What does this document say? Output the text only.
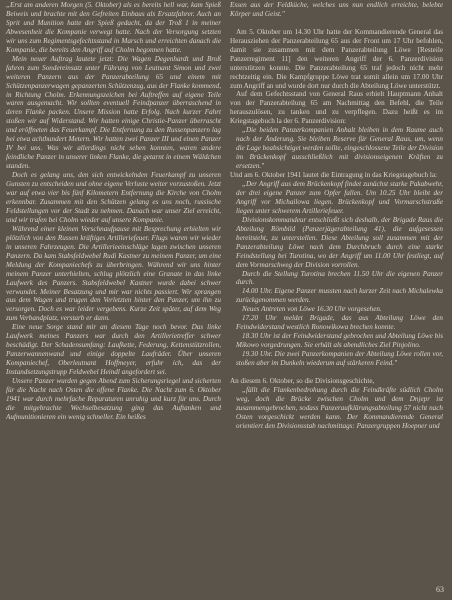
„Erst am anderen Morgen (5. Oktober) als es bereits hell war, kam Spieß Beiweis und brachte mit den Gefreiten Einbaus als Ersatzfahrer. Auch an Sprit und Munition hatte der Spieß gedacht, da der Troß 1 in meiner Abwesenheit die Kompanie verwegt hatte. Nach der Versorgung setzten wir uns zum Regimentsgefechtsstand in Marsch und erreichten danach die Kompanie, die bereits den Angriff auf Cholm begonnen hatte.

Mein neuer Auftrag lautete jetzt: Die Wagen Degenhardt und Broß fahren zum Sondereinsatz unter Führung von Leutnant Simon und zwei weiteren Panzern aus der Panzerabteilung 65 und einem mit Schützenpanzerwagen gepanzerten Schützenzug, aus der Flanke kommend, in Richtung Cholm. Erkennungszeichen bei Auftreffen auf eigene Teile waren ausgemacht. Wir sollten eventuell Feindpanzer überraschend in deren Flanke packen. Unsere Mission hatte Erfolg. Nach kurzer Fahrt stoßen wir auf Widerstand. Wir hatten einige Christie-Panzer überrascht und eröffneten das Feuerkampf. Die Entfernung zu den Russenpanzern lag bei etwa achthundert Metern. Wir hatten zwei Panzer III und einen Panzer IV bei uns. Was wir allerdings nicht sehen konnten, waren andere feindliche Panzer in unserer linken Flanke, die getarnt in einem Wäldchen standen.

Doch es gelang uns, den sich entwickelnden Feuerkampf zu unseren Gunsten zu entscheiden und ohne eigene Verluste weiter vorzustoßen. Jetzt war auf etwa vier bis fünf Kilometern Entfernung die Kirche von Cholm erkennbar. Zusammen mit den Schützen gelang es uns noch, russische Feldstellungen vor der Stadt zu nehmen. Danach war unser Ziel erreicht, und wir trafen bei Cholm wieder auf unsere Kompanie.

Während einer kleinen Verschnaufpause mit Besprechung erhielten wir plötzlich von den Russen kräftiges Artilleriefeuer. Flugs waren wir wieder in unseren Fahrzeugen. Die Artillerieeinschläge lagen zwischen unseren Panzern. Da kam Stabsfeldwebel Rudi Kastner zu meinem Panzer, um eine Meldung der Kompaniechefs zu überbringen. Während wir uns hinter meinem Panzer unterhielten, schlug plötzlich eine Granate in das linke Laufwerk des Panzers. Stabsfeldwebel Kastner wurde dabei schwer verwundet. Meiner Besatzung und mir war nichts passiert. Wir sprangen aus dem Wagen und trugen den Verletzten hinter den Panzer, um ihn zu versorgen. Doch es war leider vergebens. Kurze Zeit später, auf dem Weg zum Verbandplatz, verstarb er dann.

Eine neue Sorge stand mir an diesem Tage noch bevor. Das linke Laufwerk meines Panzers war durch den Artillerietreffer schwer beschädigt. Der Schadensumfang: Laufkette, Federung, Kettenstützrollen, Panzerwannenwand und einige doppelte Laufräder. Über unseren Kompaniechef, Oberleutnant Hoffmeyer, erfuhr ich, das der Instandsetzungstrupp Feldwebel Heindl angefordert sei.

Unsere Panzer wurden gegen Abend zum Sicherungsriegel und sicherten für die Nacht nach Osten die offene Flanke. Die Nacht zum 6. Oktober 1941 war durch mehrfache Reparaturen unruhig und kurz für uns. Durch die mitgebrachte Wechselbesatzung ging das Auftanken und Aufmunitionieren ein wenig schneller. Ein heißes

Essen aus der Feldküche, welches uns nun endlich erreichte, belebte Körper und Geist."

Am 5. Oktober um 14.30 Uhr hatte der Kommandierende General das Herausziehen der Panzerabteilung 65 aus der Front um 17 Uhr befohlen, damit sie zusammen mit dem Panzerabteilung Löwe [Resteile Panzerregiment 11] den weiteren Angriff der 6. Panzerdivision unterstützen konnte. Die Panzerabteilung 65 traf jedoch nicht mehr rechtzeitig ein. Die Kampfgruppe Löwe trat somit allein um 17.00 Uhr zum Angriff an und wurde dort nur durch die Abteilung Löwe unterstützt.

Auf dem Gefechtsstand von General Raus erhielt Hauptmann Anhalt von der Panzerabteilung 65 am Nachmittag den Befehl, die Teile herauszulösen, zu tanken und zu verpflegen. Dazu heißt es im Kriegstagebuch la der 6. Panzerdivision:

„Die beiden Panzerkompanien Anhalt bleiben in dem Raume auch nach der Änderung. Sie bleiben Reserve für General Raus, um, wenn die Lage beabsichtiget werden sollte, eingeschlossene Teile der Division im Brückenkopf ausschließlich mit divisionseigenen Kräften zu ersetzen."

Und am 6. Oktober 1941 lautet die Eintragung in das Kriegstagebuch la:

„Der Angriff aus dem Brückenkopf findet zunächst starke Pakabwehr, der drei eigene Panzer zum Opfer fallen. Um 10.25 Uhr bleibt der Angriff vor Michailowa liegen. Brückenkopf und Vormarschstraße liegen unter schwerem Artilleriefeuer.

Divisionskommandeur entschließt sich deshalb, der Brigade Raus die Abteilung Römbild (Panzerjägerabteilung 41), die aufgesessen bereitsteht, zu unterstellen. Diese Abteilung soll zusammen mit der Panzerabteilung Löwe nach dem Durchbruch durch eine starke Feindstellung bei Turotina, wo der Angriff um 11.00 Uhr festliegt, auf dem Vormarschweg der Division vorrollen.

Durch die Stellung Turotina brechen 11.50 Uhr die eigenen Panzer durch.

14.00 Uhr. Eigene Panzer mussten nach kurzer Zeit nach Michalewka zurückgenommen werden.

Neues Antreten von Löwe 16.30 Uhr vorgesehen.

17.20 Uhr meldet Brigade, das aus Abteilung Löwe den Feindwiderstand westlich Ronowikowa brechen konnte.

18.30 Uhr ist der Feindwiderstand gebrochen und Abteilung Löwe bis Mikowo vorgedrungen. Sie erhält als abendliches Ziel Pinjolino.

19.30 Uhr. Die zwei Panzerkompanien der Abteilung Löwe rollen vor, stoßen aber im Dunkeln wiederum auf stärkeren Feind."

An diesem 6. Oktober, so die Divisionsgeschichte,

„fällt die Flankenbedrohung durch die Feindkräfte südlich Cholm weg, doch die Brücke zwischen Cholm und dem Dnjepr ist zusammengebrochen, sodass Panzeraufklärungsabteilung 57 nicht nach Osten vorgeschickt werden kann. Der Kommandierende General orientiert den Divisionsstab nachmittags: Panzergruppen Hoepner und

63
